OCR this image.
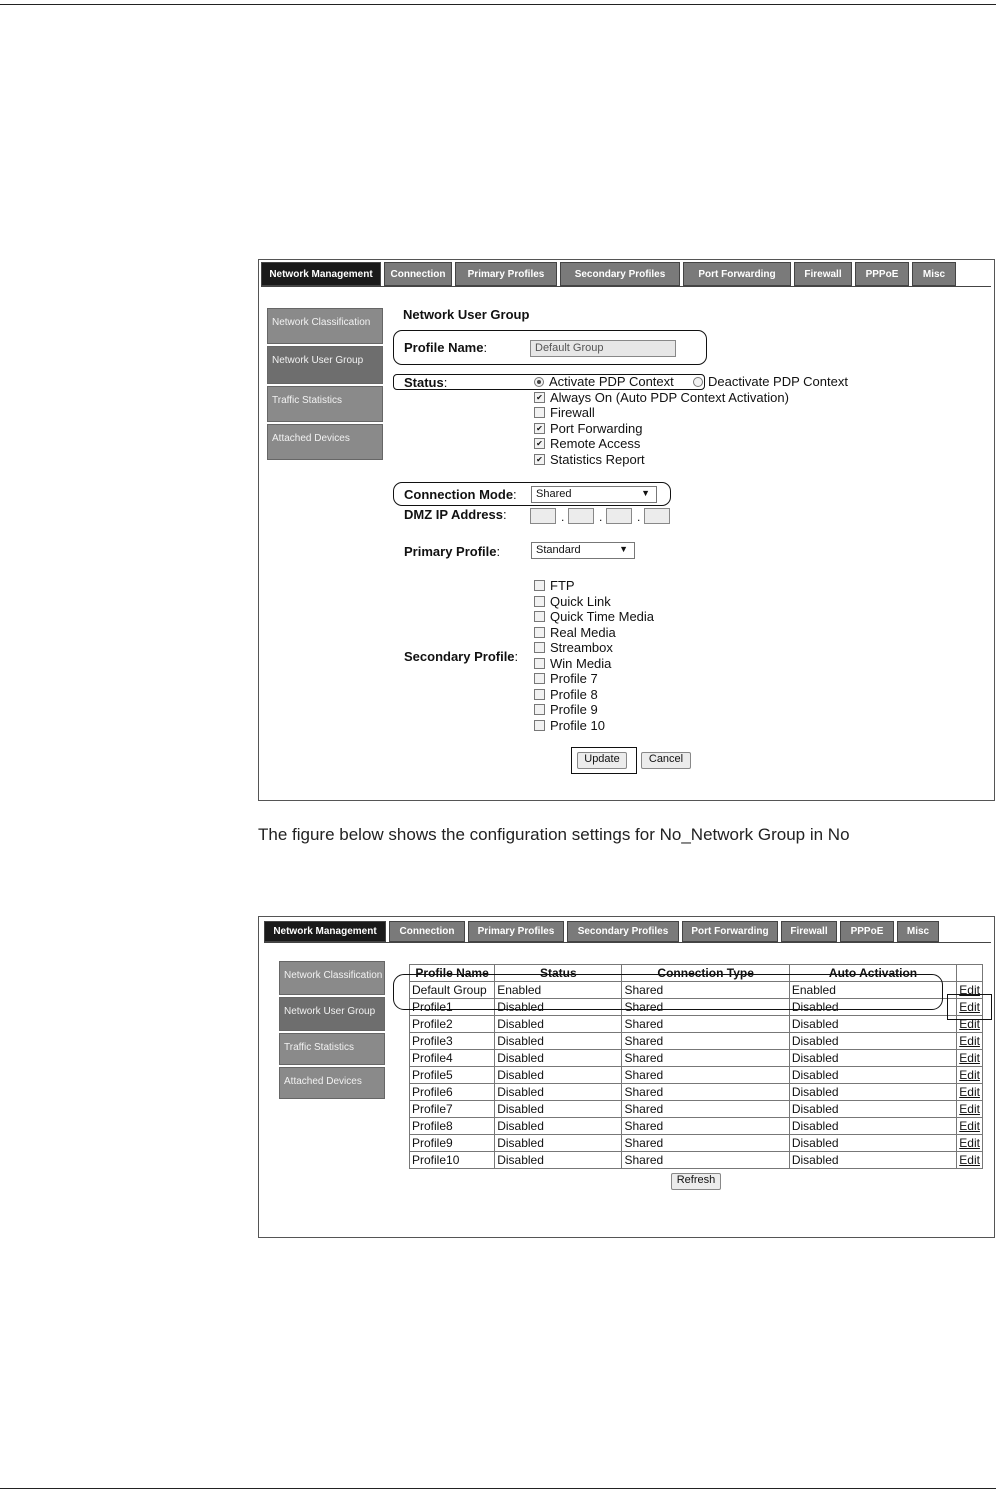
Network Management	Connection	Primary Profiles	Secondary Profiles	Port Forwarding	Firewall	PPPoE	Misc
Network Classification
Network User Group
Traffic Statistics
Attached Devices
Network User Group
Profile Name:	Default Group
Status:	Activate PDP Context	Deactivate PDP Context
✔ Always On (Auto PDP Context Activation)
Firewall
✔ Port Forwarding
✔ Remote Access
✔ Statistics Report
Connection Mode:	Shared	▼
DMZ IP Address:	.	.	.
Primary Profile:	Standard	▼
Secondary Profile:
FTP
Quick Link
Quick Time Media
Real Media
Streambox
Win Media
Profile 7
Profile 8
Profile 9
Profile 10
Update	Cancel
The figure below shows the configuration settings for No_Network Group in No
Network Management	Connection	Primary Profiles	Secondary Profiles	Port Forwarding	Firewall	PPPoE	Misc
Network Classification
Network User Group
Traffic Statistics
Attached Devices
Profile Name	Status	Connection Type	Auto Activation	
Default Group	Enabled	Shared	Enabled	Edit
Profile1	Disabled	Shared	Disabled	Edit
Profile2	Disabled	Shared	Disabled	Edit
Profile3	Disabled	Shared	Disabled	Edit
Profile4	Disabled	Shared	Disabled	Edit
Profile5	Disabled	Shared	Disabled	Edit
Profile6	Disabled	Shared	Disabled	Edit
Profile7	Disabled	Shared	Disabled	Edit
Profile8	Disabled	Shared	Disabled	Edit
Profile9	Disabled	Shared	Disabled	Edit
Profile10	Disabled	Shared	Disabled	Edit
Refresh
